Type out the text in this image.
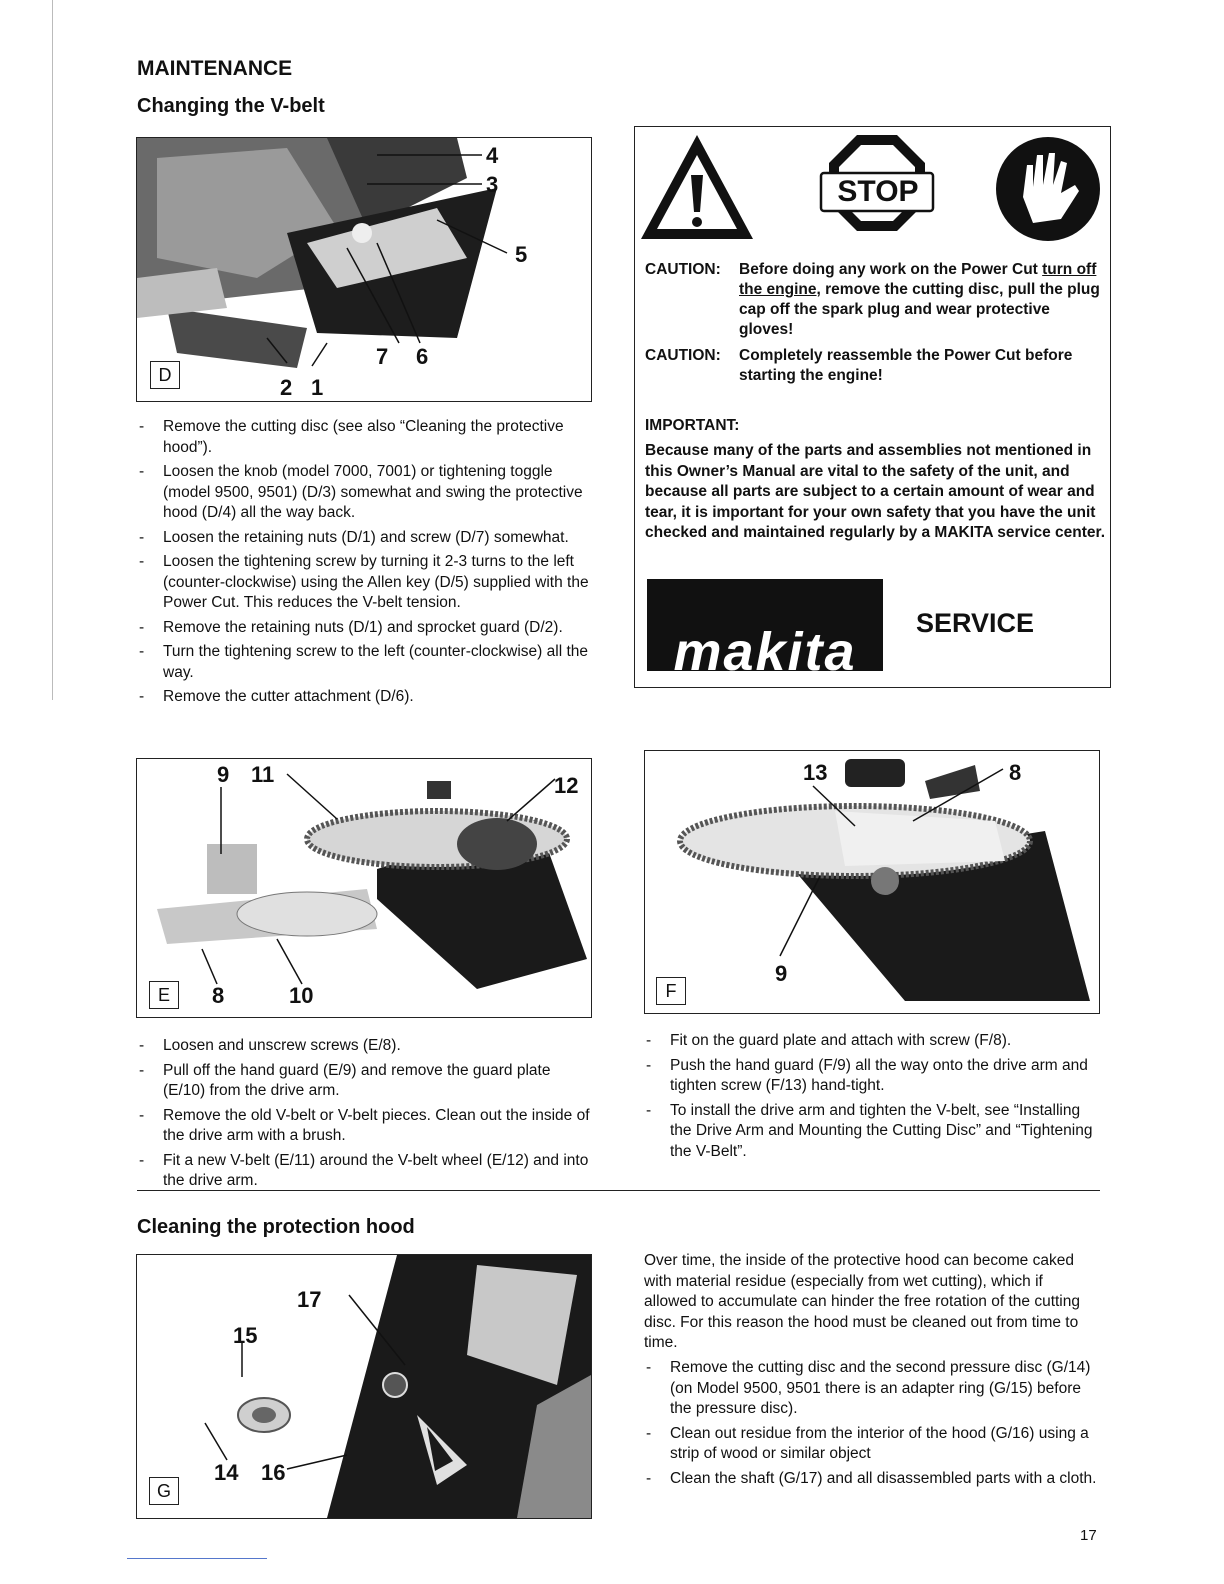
MAINTENANCE
Changing the V-belt
4
3
5
7 6
2 1
D
- Remove the cutting disc (see also “Cleaning the protective hood”).
- Loosen the knob (model 7000, 7001) or tightening toggle (model 9500, 9501) (D/3) somewhat and swing the protective hood (D/4) all the way back.
- Loosen the retaining nuts (D/1) and screw (D/7) somewhat.
- Loosen the tightening screw by turning it 2-3 turns to the left (counter-clockwise) using the Allen key (D/5) supplied with the Power Cut. This reduces the V-belt tension.
- Remove the retaining nuts (D/1) and sprocket guard (D/2).
- Turn the tightening screw to the left (counter-clockwise) all the way.
- Remove the cutter attachment (D/6).
STOP
CAUTION: Before doing any work on the Power Cut turn off the engine, remove the cutting disc, pull the plug cap off the spark plug and wear protective gloves!
CAUTION: Completely reassemble the Power Cut before starting the engine!
IMPORTANT:
Because many of the parts and assemblies not mentioned in this Owner’s Manual are vital to the safety of the unit, and because all parts are subject to a certain amount of wear and tear, it is important for your own safety that you have the unit checked and maintained regularly by a MAKITA service center.
makita	SERVICE
9 11	12
8	10
E
13	8
9
F
- Loosen and unscrew screws (E/8).
- Pull off the hand guard (E/9) and remove the guard plate (E/10) from the drive arm.
- Remove the old V-belt or V-belt pieces. Clean out the inside of the drive arm with a brush.
- Fit a new V-belt (E/11) around the V-belt wheel (E/12) and into the drive arm.
- Fit on the guard plate and attach with screw (F/8).
- Push the hand guard (F/9) all the way onto the drive arm and tighten screw (F/13) hand-tight.
- To install the drive arm and tighten the V-belt, see “Installing the Drive Arm and Mounting the Cutting Disc” and “Tightening the V-Belt”.
Cleaning the protection hood
17
15
14 16
G
Over time, the inside of the protective hood can become caked with material residue (especially from wet cutting), which if allowed to accumulate can hinder the free rotation of the cutting disc. For this reason the hood must be cleaned out from time to time.
- Remove the cutting disc and the second pressure disc (G/14) (on Model 9500, 9501 there is an adapter ring (G/15) before the pressure disc).
- Clean out residue from the interior of the hood (G/16) using a strip of wood or similar object
- Clean the shaft (G/17) and all disassembled parts with a cloth.
17
